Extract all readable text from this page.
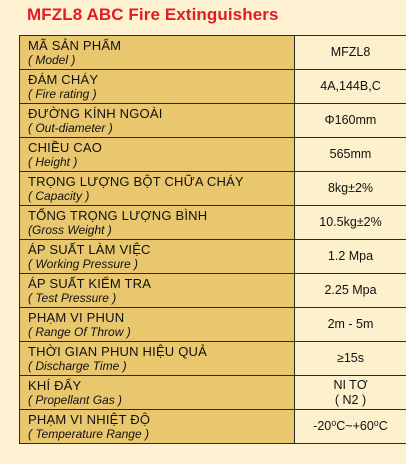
MFZL8 ABC Fire Extinguishers
MÃ SẢN PHẨM
( Model )	MFZL8

ĐÁM CHÁY
( Fire rating )	4A,144B,C

ĐƯỜNG KÍNH NGOÀI
( Out-diameter )	Φ160mm

CHIỀU CAO
( Height )	565mm

TRỌNG LƯỢNG BỘT CHỮA CHÁY
( Capacity )	8kg±2%

TỔNG TRỌNG LƯỢNG BÌNH
(Gross Weight )	10.5kg±2%

ÁP SUẤT LÀM VIỆC
( Working Pressure )	1.2 Mpa

ÁP SUẤT KIỂM TRA
( Test Pressure )	2.25 Mpa

PHẠM VI PHUN
( Range Of Throw )	2m - 5m

THỜI GIAN PHUN HIỆU QUẢ
( Discharge Time )	≥15s

KHÍ ĐẨY
( Propellant Gas )	NI TƠ
( N2 )

PHẠM VI NHIỆT ĐỘ
( Temperature Range )	-20⁰C~+60⁰C
